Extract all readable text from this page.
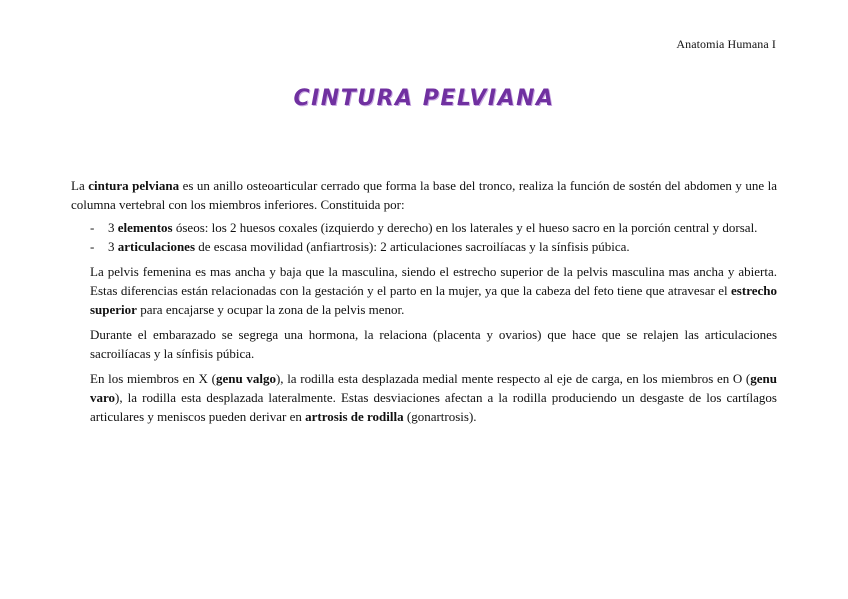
Anatomia Humana I
CINTURA PELVIANA

La cintura pelviana es un anillo osteoarticular cerrado que forma la base del tronco, realiza la función de sostén del abdomen y une la columna vertebral con los miembros inferiores. Constituida por:

- 3 elementos óseos: los 2 huesos coxales (izquierdo y derecho) en los laterales y el hueso sacro en la porción central y dorsal.
- 3 articulaciones de escasa movilidad (anfiartrosis): 2 articulaciones sacroilíacas y la sínfisis púbica.

La pelvis femenina es mas ancha y baja que la masculina, siendo el estrecho superior de la pelvis masculina mas ancha y abierta. Estas diferencias están relacionadas con la gestación y el parto en la mujer, ya que la cabeza del feto tiene que atravesar el estrecho superior para encajarse y ocupar la zona de la pelvis menor.

Durante el embarazado se segrega una hormona, la relaciona (placenta y ovarios) que hace que se relajen las articulaciones sacroilíacas y la sínfisis púbica.

En los miembros en X (genu valgo), la rodilla esta desplazada medial mente respecto al eje de carga, en los miembros en O (genu varo), la rodilla esta desplazada lateralmente. Estas desviaciones afectan a la rodilla produciendo un desgaste de los cartílagos articulares y meniscos pueden derivar en artrosis de rodilla (gonartrosis).
